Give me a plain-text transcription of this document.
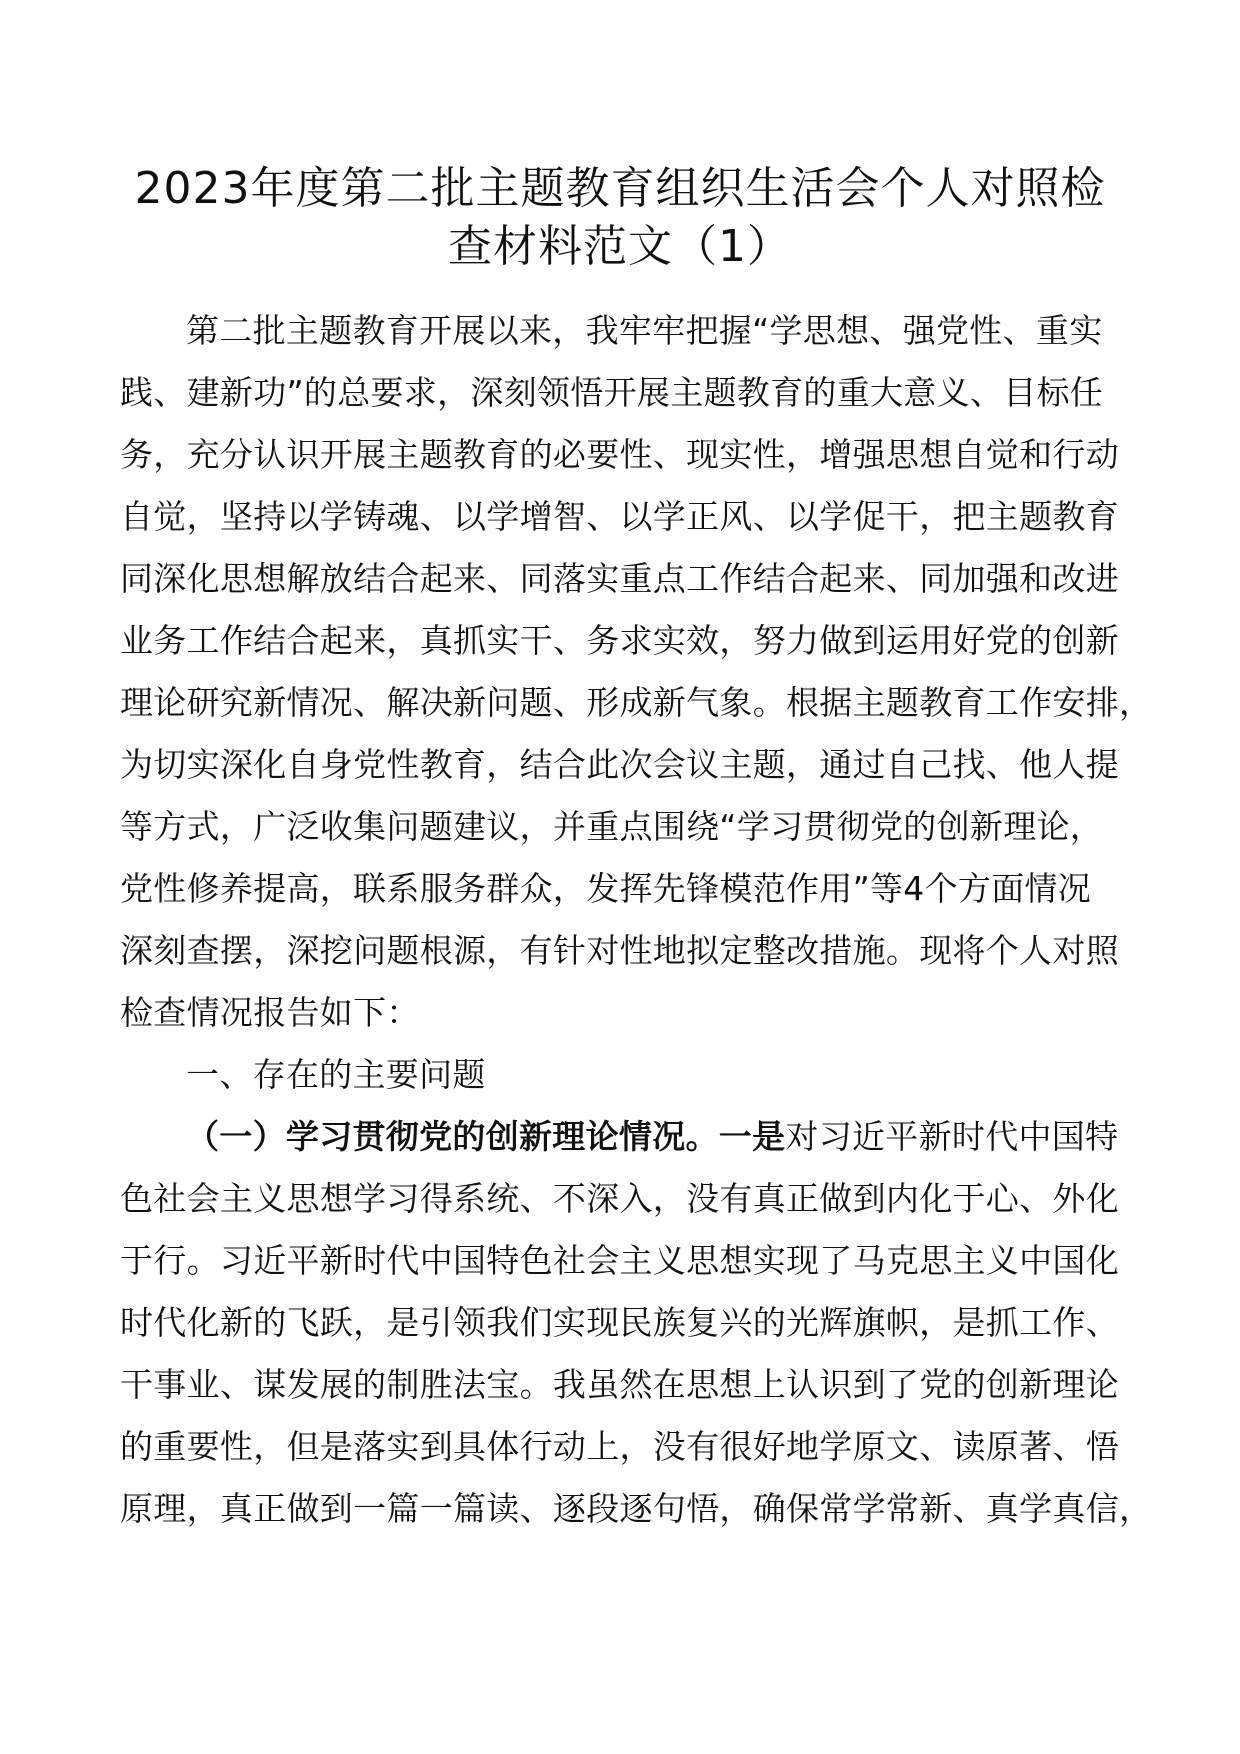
2023年度第二批主题教育组织生活会个人对照检
查材料范文（1）
第二批主题教育开展以来，我牢牢把握“学思想、强党性、重实
践、建新功”的总要求，深刻领悟开展主题教育的重大意义、目标任
务，充分认识开展主题教育的必要性、现实性，增强思想自觉和行动
自觉，坚持以学铸魂、以学增智、以学正风、以学促干，把主题教育
同深化思想解放结合起来、同落实重点工作结合起来、同加强和改进
业务工作结合起来，真抓实干、务求实效，努力做到运用好党的创新
理论研究新情况、解决新问题、形成新气象。根据主题教育工作安排，
为切实深化自身党性教育，结合此次会议主题，通过自己找、他人提
等方式，广泛收集问题建议，并重点围绕“学习贯彻党的创新理论，
党性修养提高，联系服务群众，发挥先锋模范作用”等4个方面情况
深刻查摆，深挖问题根源，有针对性地拟定整改措施。现将个人对照
检查情况报告如下：
一、存在的主要问题
（一）学习贯彻党的创新理论情况。一是对习近平新时代中国特
色社会主义思想学习得系统、不深入，没有真正做到内化于心、外化
于行。习近平新时代中国特色社会主义思想实现了马克思主义中国化
时代化新的飞跃，是引领我们实现民族复兴的光辉旗帜，是抓工作、
干事业、谋发展的制胜法宝。我虽然在思想上认识到了党的创新理论
的重要性，但是落实到具体行动上，没有很好地学原文、读原著、悟
原理，真正做到一篇一篇读、逐段逐句悟，确保常学常新、真学真信，
